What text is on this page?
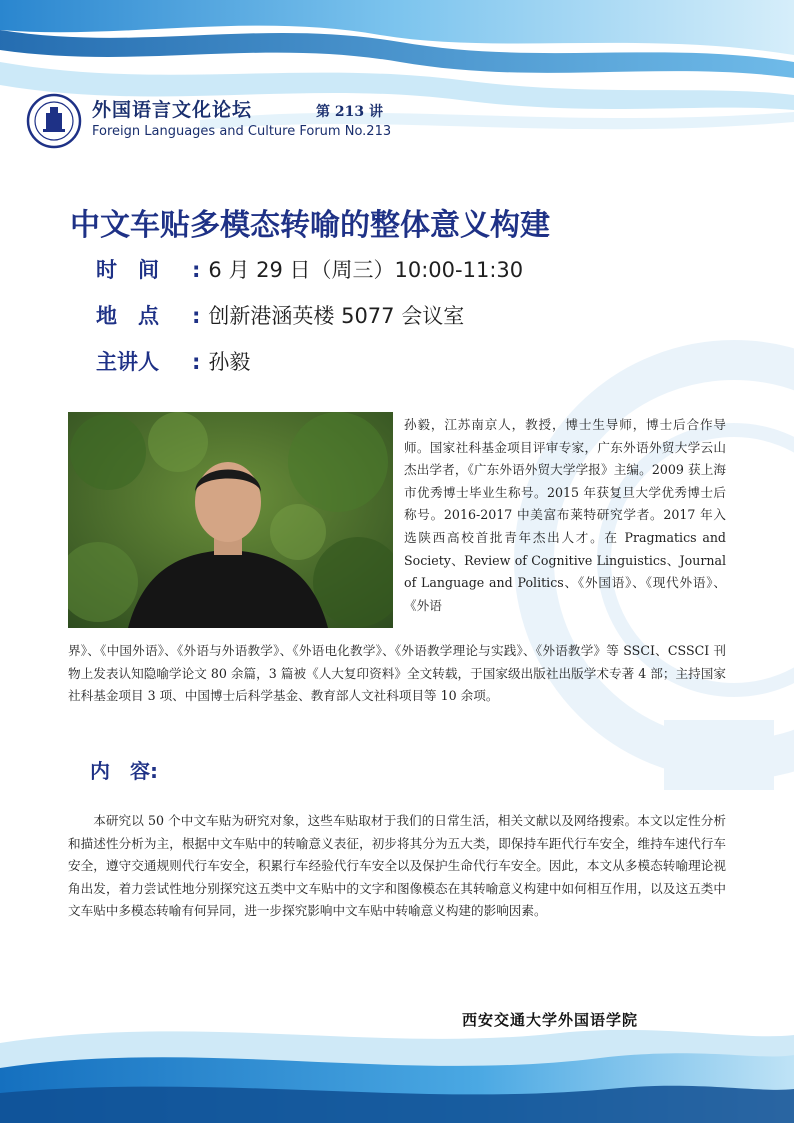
外国语言文化论坛	第 213 讲
Foreign Languages and Culture Forum No.213
中文车贴多模态转喻的整体意义构建
时　间 : 6 月 29 日（周三）10:00-11:30
地　点 : 创新港涵英楼 5077 会议室
主讲人 : 孙毅

孙毅，江苏南京人，教授，博士生导师，博士后合作导师。国家社科基金项目评审专家，广东外语外贸大学云山杰出学者，《广东外语外贸大学学报》主编。2009 获上海市优秀博士毕业生称号。2015 年获复旦大学优秀博士后称号。2016-2017 中美富布莱特研究学者。2017 年入选陕西高校首批青年杰出人才。在 Pragmatics and Society、Review of Cognitive Linguistics、Journal of Language and Politics、《外国语》、《现代外语》、《外语

界》、《中国外语》、《外语与外语教学》、《外语电化教学》、《外语教学理论与实践》、《外语教学》等 SSCI、CSSCI 刊物上发表认知隐喻学论文 80 余篇，3 篇被《人大复印资料》全文转载，于国家级出版社出版学术专著 4 部；主持国家社科基金项目 3 项、中国博士后科学基金、教育部人文社科项目等 10 余项。

内　容:

本研究以 50 个中文车贴为研究对象，这些车贴取材于我们的日常生活，相关文献以及网络搜索。本文以定性分析和描述性分析为主，根据中文车贴中的转喻意义表征，初步将其分为五大类，即保持车距代行车安全，维持车速代行车安全，遵守交通规则代行车安全，积累行车经验代行车安全以及保护生命代行车安全。因此，本文从多模态转喻理论视角出发，着力尝试性地分别探究这五类中文车贴中的文字和图像模态在其转喻意义构建中如何相互作用，以及这五类中文车贴中多模态转喻有何异同，进一步探究影响中文车贴中转喻意义构建的影响因素。

西安交通大学外国语学院
